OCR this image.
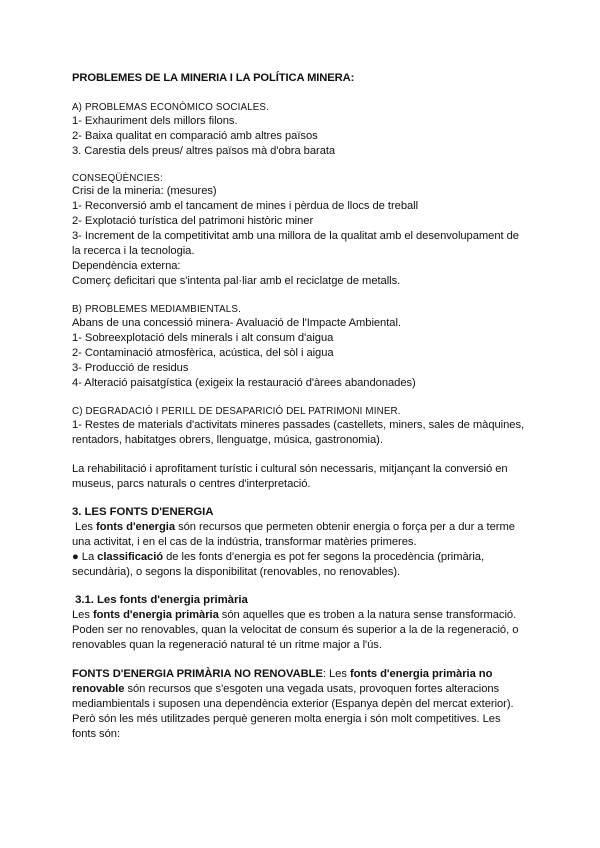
PROBLEMES DE LA MINERIA I LA POLÍTICA MINERA:
A) PROBLEMAS ECONÒMICO SOCIALES.
1- Exhauriment dels millors filons.
2- Baixa qualitat en comparació amb altres països
3. Carestia dels preus/ altres països mà d'obra barata
CONSEQÜÈNCIES:
Crisi de la mineria: (mesures)
1- Reconversió amb el tancament de mines i pèrdua de llocs de treball
2- Explotació turística del patrimoni històric miner
3- Increment de la competitivitat amb una millora de la qualitat amb el desenvolupament de
la recerca i la tecnologia.
Dependència externa:
Comerç deficitari que s'intenta pal·liar amb el reciclatge de metalls.
B) PROBLEMES MEDIAMBIENTALS.
Abans de una concessió minera- Avaluació de l'Impacte Ambiental.
1- Sobreexplotació dels minerals i alt consum d'aigua
2- Contaminació atmosfèrica, acústica, del sòl i aigua
3- Producció de residus
4- Alteració paisatgística (exigeix la restauració d'àrees abandonades)
C) DEGRADACIÓ I PERILL DE DESAPARICIÓ DEL PATRIMONI MINER.
1- Restes de materials d'activitats mineres passades (castellets, miners, sales de màquines,
rentadors, habitatges obrers, llenguatge, música, gastronomia).
La rehabilitació i aprofitament turístic i cultural són necessaris, mitjançant la conversió en
museus, parcs naturals o centres d'interpretació.
3. LES FONTS D'ENERGIA
Les fonts d'energia són recursos que permeten obtenir energia o força per a dur a terme
una activitat, i en el cas de la indústria, transformar matèries primeres.
● La classificació de les fonts d'energia es pot fer segons la procedència (primària,
secundària), o segons la disponibilitat (renovables, no renovables).
3.1. Les fonts d'energia primària
Les fonts d'energia primària són aquelles que es troben a la natura sense transformació.
Poden ser no renovables, quan la velocitat de consum és superior a la de la regeneració, o
renovables quan la regeneració natural té un ritme major a l'ús.
FONTS D'ENERGIA PRIMÀRIA NO RENOVABLE: Les fonts d'energia primària no
renovable són recursos que s'esgoten una vegada usats, provoquen fortes alteracions
mediambientals i suposen una dependència exterior (Espanya depèn del mercat exterior).
Però són les més utilitzades perquè generen molta energia i són molt competitives. Les
fonts són:
